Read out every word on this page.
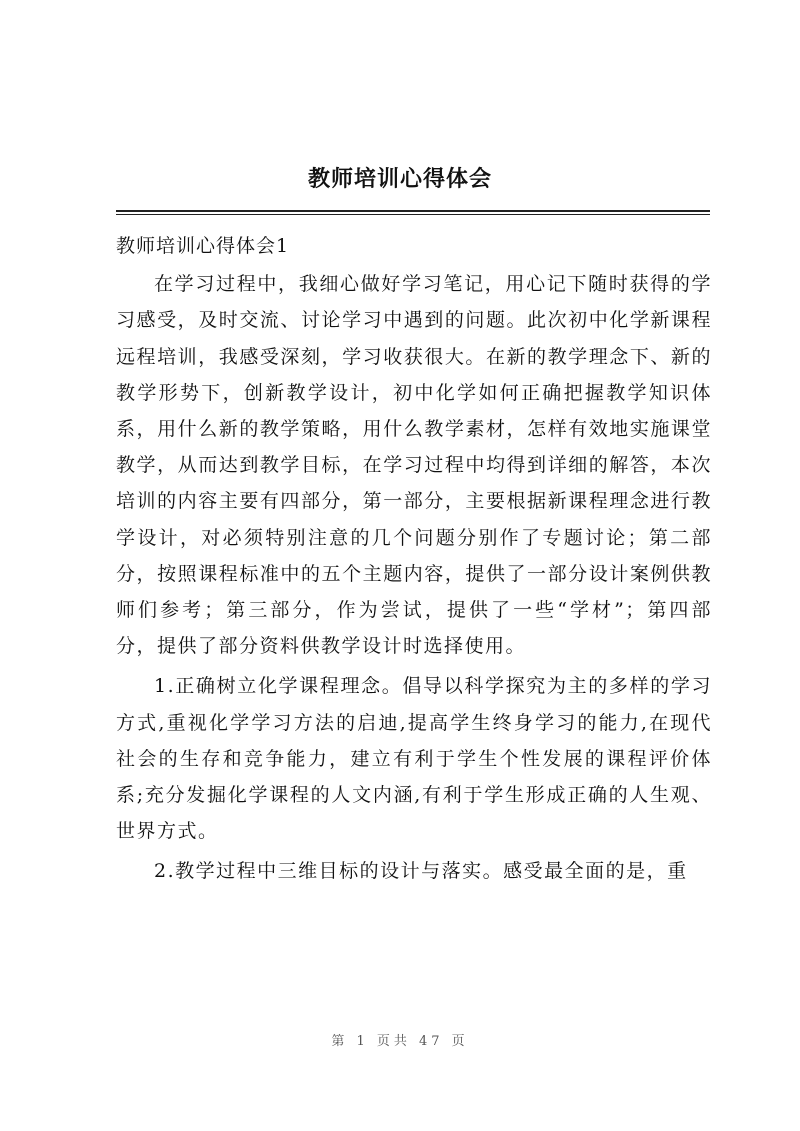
教师培训心得体会

教师培训心得体会1

在学习过程中，我细心做好学习笔记，用心记下随时获得的学习感受，及时交流、讨论学习中遇到的问题。此次初中化学新课程远程培训，我感受深刻，学习收获很大。在新的教学理念下、新的教学形势下，创新教学设计，初中化学如何正确把握教学知识体系，用什么新的教学策略，用什么教学素材，怎样有效地实施课堂教学，从而达到教学目标，在学习过程中均得到详细的解答，本次培训的内容主要有四部分，第一部分，主要根据新课程理念进行教学设计，对必须特别注意的几个问题分别作了专题讨论；第二部分，按照课程标准中的五个主题内容，提供了一部分设计案例供教师们参考；第三部分，作为尝试，提供了一些“学材”；第四部分，提供了部分资料供教学设计时选择使用。

1.正确树立化学课程理念。倡导以科学探究为主的多样的学习方式,重视化学学习方法的启迪,提高学生终身学习的能力,在现代社会的生存和竞争能力，建立有利于学生个性发展的课程评价体系;充分发掘化学课程的人文内涵,有利于学生形成正确的人生观、世界方式。

2.教学过程中三维目标的设计与落实。感受最全面的是，重

第 1 页共 47 页
